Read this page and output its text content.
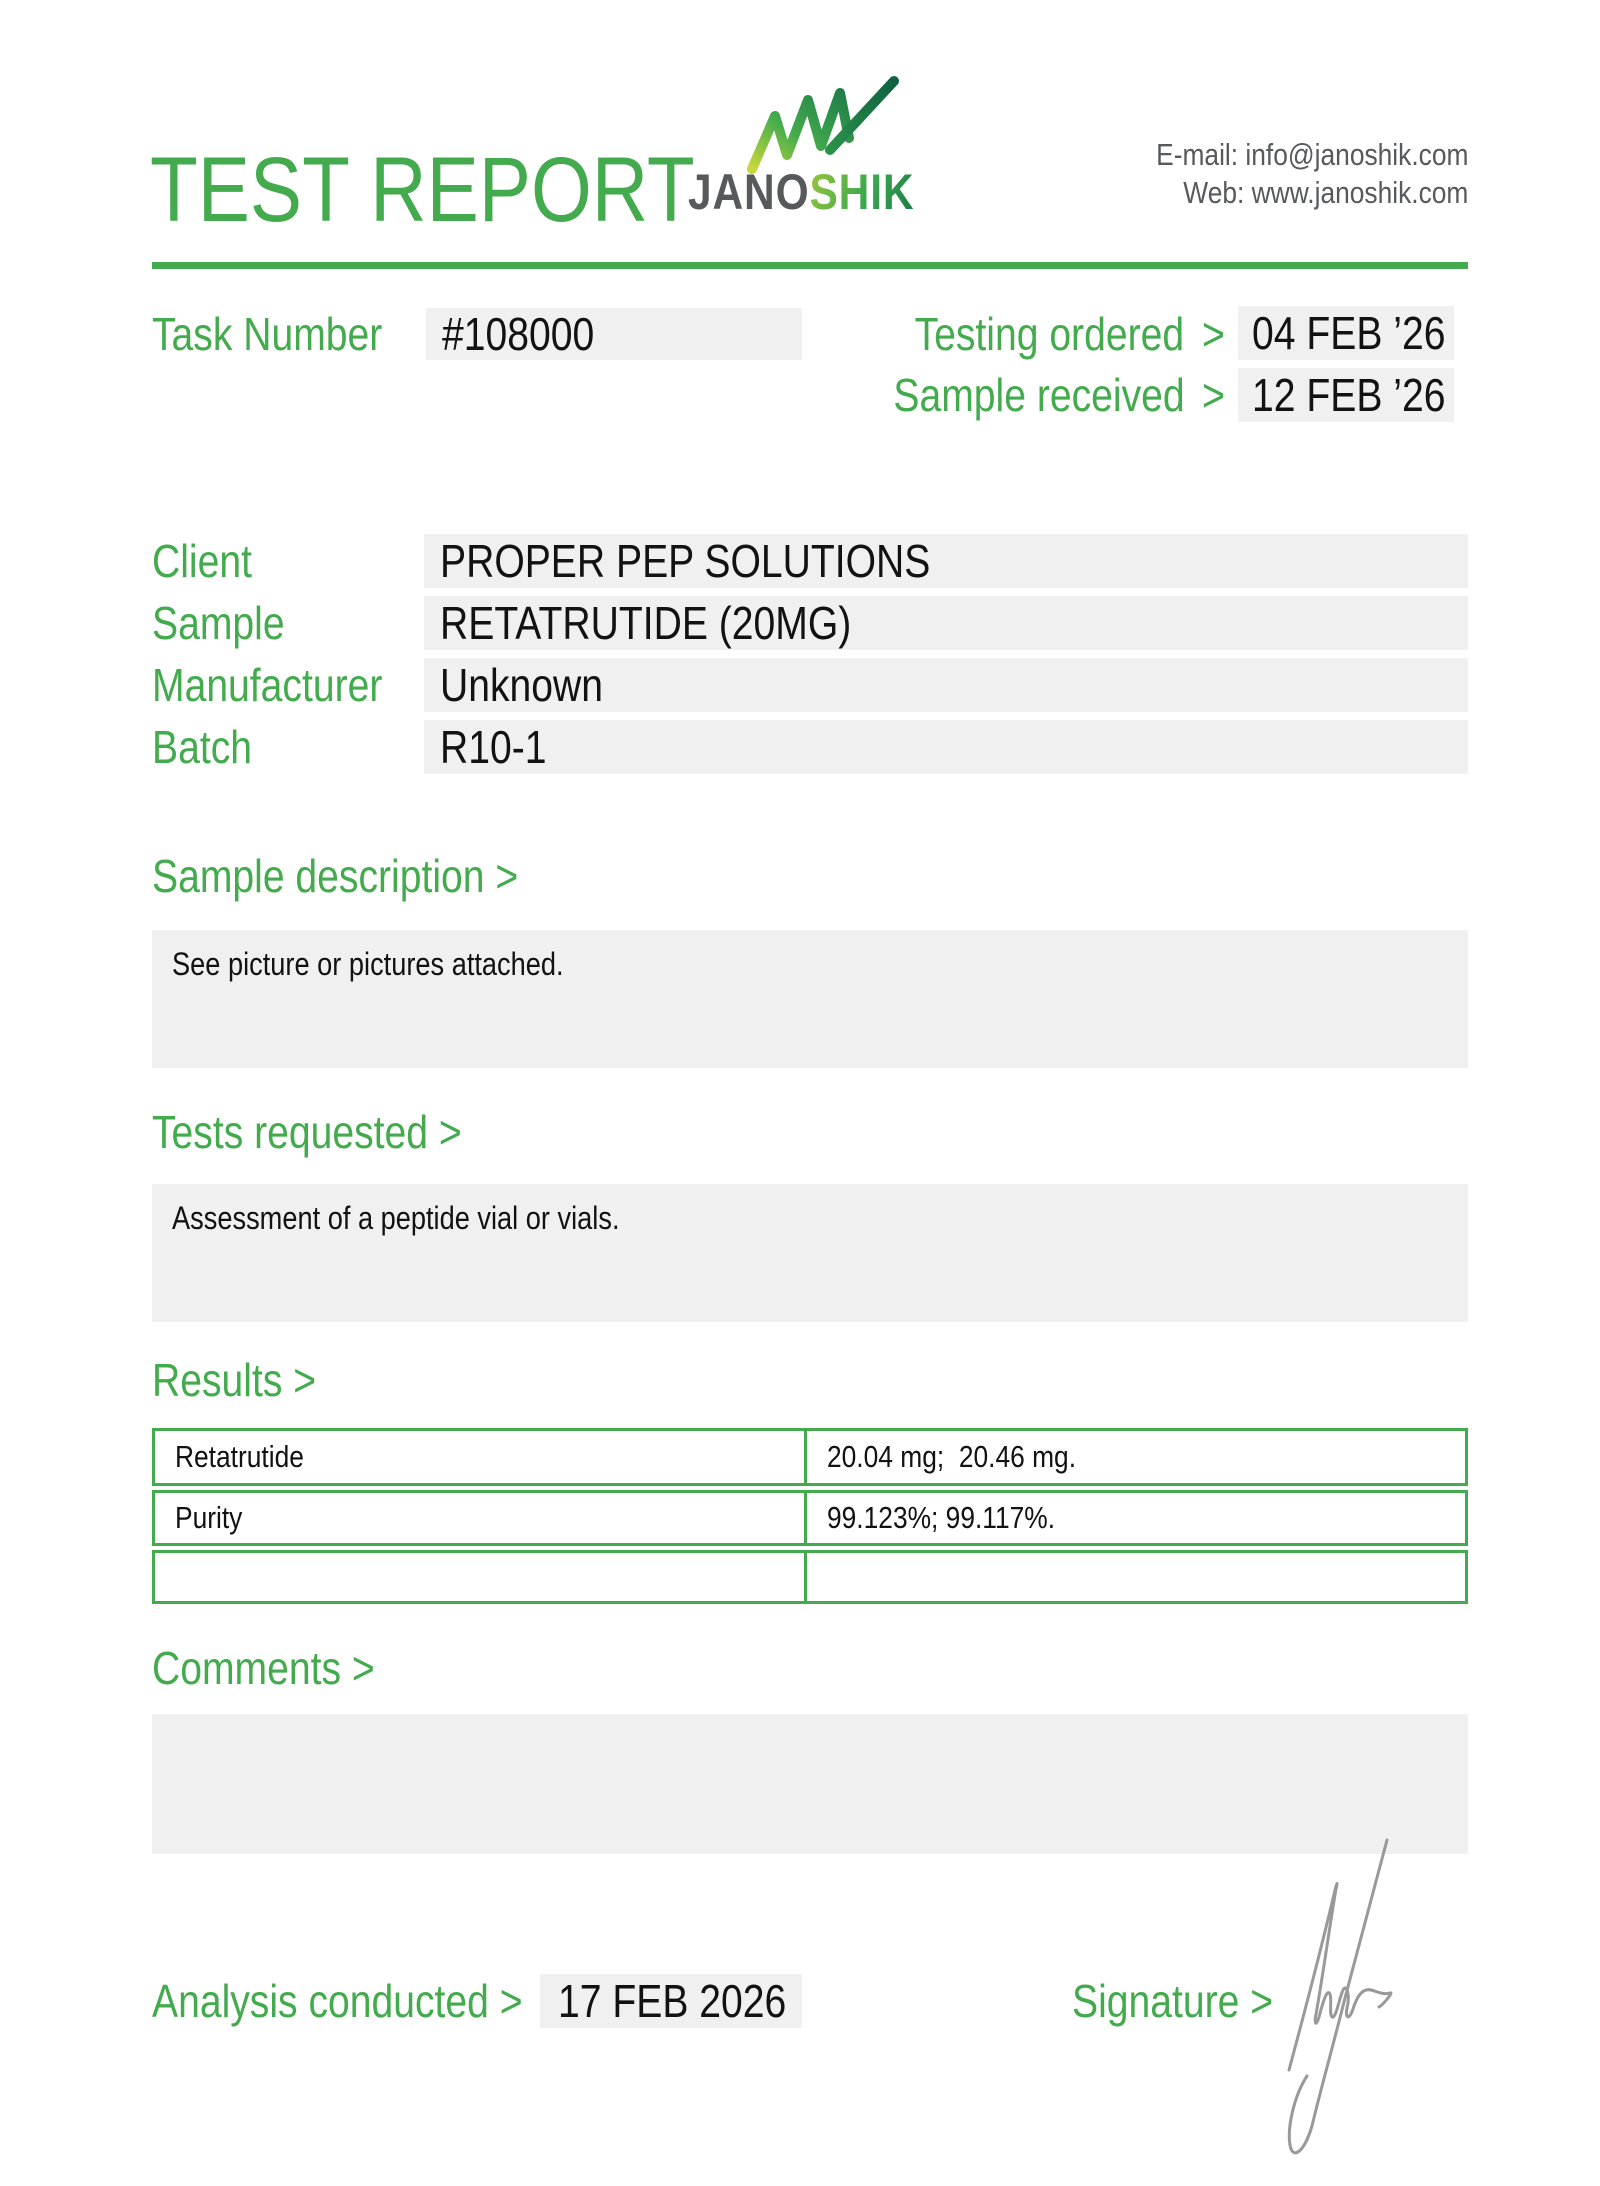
TEST REPORT
JANOSHIK
E-mail: info@janoshik.com
Web: www.janoshik.com
Task Number	#108000	Testing ordered > 04 FEB ’26
Sample received > 12 FEB ’26
Client	PROPER PEP SOLUTIONS
Sample	RETATRUTIDE (20MG)
Manufacturer	Unknown
Batch	R10-1
Sample description >
See picture or pictures attached.
Tests requested >
Assessment of a peptide vial or vials.
Results >
Retatrutide	20.04 mg;  20.46 mg.
Purity	99.123%; 99.117%.
Comments >
Analysis conducted > 17 FEB 2026	Signature >
